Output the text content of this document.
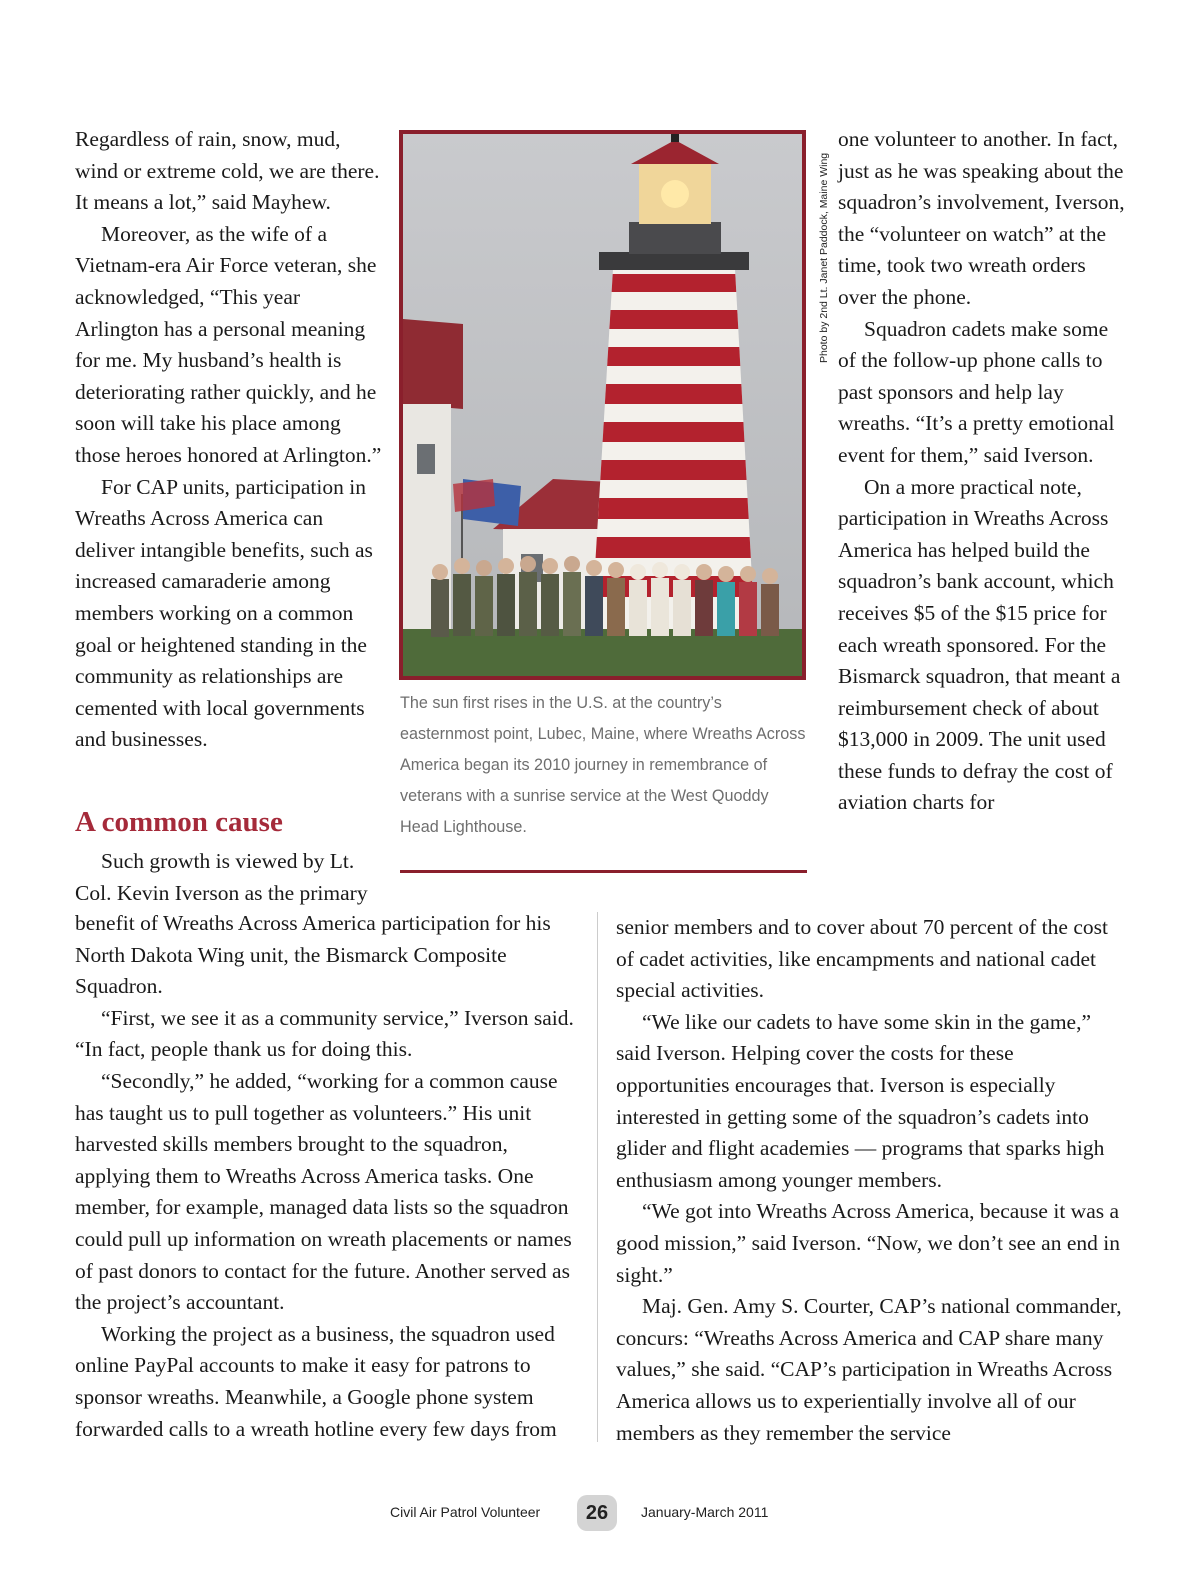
Regardless of rain, snow, mud, wind or extreme cold, we are there. It means a lot,” said Mayhew.

Moreover, as the wife of a Vietnam-era Air Force veteran, she acknowledged, “This year Arlington has a personal meaning for me. My husband’s health is deteriorating rather quickly, and he soon will take his place among those heroes honored at Arlington.”

For CAP units, participation in Wreaths Across America can deliver intangible benefits, such as increased camaraderie among members working on a common goal or heightened standing in the community as relationships are cemented with local governments and businesses.

A common cause

Such growth is viewed by Lt. Col. Kevin Iverson as the primary

benefit of Wreaths Across America participation for his North Dakota Wing unit, the Bismarck Composite Squadron.

“First, we see it as a community service,” Iverson said. “In fact, people thank us for doing this.

“Secondly,” he added, “working for a common cause has taught us to pull together as volunteers.” His unit harvested skills members brought to the squadron, applying them to Wreaths Across America tasks. One member, for example, managed data lists so the squadron could pull up information on wreath placements or names of past donors to contact for the future. Another served as the project’s accountant.

Working the project as a business, the squadron used online PayPal accounts to make it easy for patrons to sponsor wreaths. Meanwhile, a Google phone system forwarded calls to a wreath hotline every few days from

Photo by 2nd Lt. Janet Paddock, Maine Wing

The sun first rises in the U.S. at the country’s easternmost point, Lubec, Maine, where Wreaths Across America began its 2010 journey in remembrance of veterans with a sunrise service at the West Quoddy Head Lighthouse.

one volunteer to another. In fact, just as he was speaking about the squadron’s involvement, Iverson, the “volunteer on watch” at the time, took two wreath orders over the phone.

Squadron cadets make some of the follow-up phone calls to past sponsors and help lay wreaths. “It’s a pretty emotional event for them,” said Iverson.

On a more practical note, participation in Wreaths Across America has helped build the squadron’s bank account, which receives $5 of the $15 price for each wreath sponsored. For the Bismarck squadron, that meant a reimbursement check of about $13,000 in 2009. The unit used these funds to defray the cost of aviation charts for

senior members and to cover about 70 percent of the cost of cadet activities, like encampments and national cadet special activities.

“We like our cadets to have some skin in the game,” said Iverson. Helping cover the costs for these opportunities encourages that. Iverson is especially interested in getting some of the squadron’s cadets into glider and flight academies — programs that sparks high enthusiasm among younger members.

“We got into Wreaths Across America, because it was a good mission,” said Iverson. “Now, we don’t see an end in sight.”

Maj. Gen. Amy S. Courter, CAP’s national commander, concurs: “Wreaths Across America and CAP share many values,” she said. “CAP’s participation in Wreaths Across America allows us to experientially involve all of our members as they remember the service

Civil Air Patrol Volunteer	26	January-March 2011
